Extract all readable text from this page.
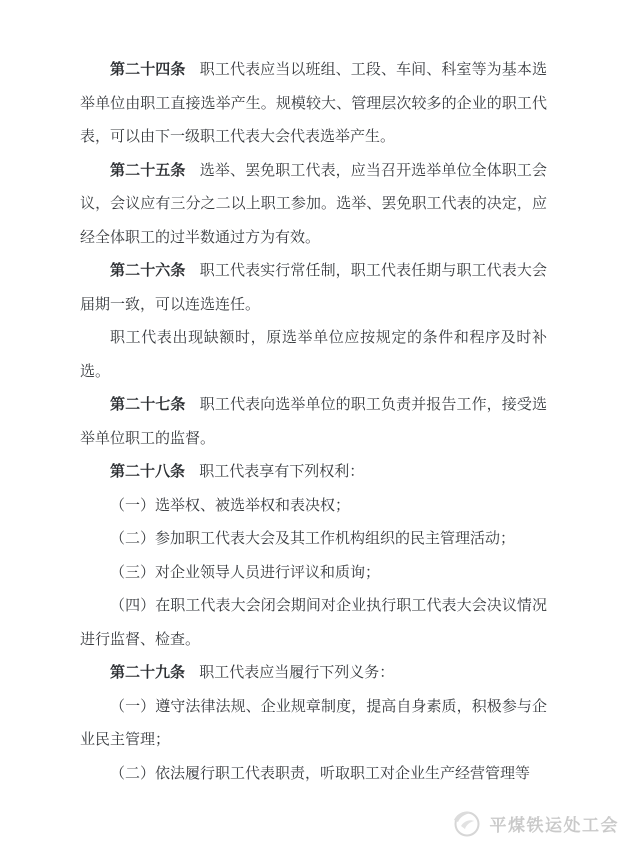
第二十四条 职工代表应当以班组、工段、车间、科室等为基本选举单位由职工直接选举产生。规模较大、管理层次较多的企业的职工代表，可以由下一级职工代表大会代表选举产生。

第二十五条 选举、罢免职工代表，应当召开选举单位全体职工会议，会议应有三分之二以上职工参加。选举、罢免职工代表的决定，应经全体职工的过半数通过方为有效。

第二十六条 职工代表实行常任制，职工代表任期与职工代表大会届期一致，可以连选连任。

职工代表出现缺额时，原选举单位应按规定的条件和程序及时补选。

第二十七条 职工代表向选举单位的职工负责并报告工作，接受选举单位职工的监督。

第二十八条 职工代表享有下列权利：

（一）选举权、被选举权和表决权；

（二）参加职工代表大会及其工作机构组织的民主管理活动；

（三）对企业领导人员进行评议和质询；

（四）在职工代表大会闭会期间对企业执行职工代表大会决议情况进行监督、检查。

第二十九条 职工代表应当履行下列义务：

（一）遵守法律法规、企业规章制度，提高自身素质，积极参与企业民主管理；

（二）依法履行职工代表职责，听取职工对企业生产经营管理等

平煤铁运处工会
